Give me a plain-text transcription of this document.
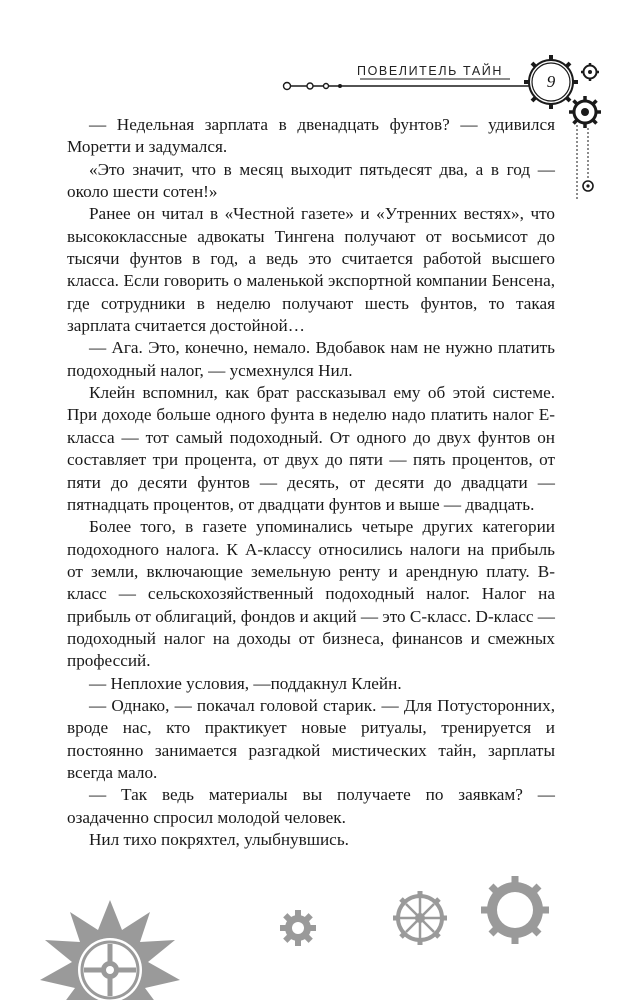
ПОВЕЛИТЕЛЬ ТАЙН
9

— Недельная зарплата в двенадцать фунтов? — удивился Моретти и задумался.

«Это значит, что в месяц выходит пятьдесят два, а в год — около шести сотен!»

Ранее он читал в «Честной газете» и «Утренних вестях», что высококлассные адвокаты Тингена получают от восьмисот до тысячи фунтов в год, а ведь это считается работой высшего класса. Если говорить о маленькой экспортной компании Бенсена, где сотрудники в неделю получают шесть фунтов, то такая зарплата считается достойной…

— Ага. Это, конечно, немало. Вдобавок нам не нужно платить подоходный налог, — усмехнулся Нил.

Клейн вспомнил, как брат рассказывал ему об этой системе. При доходе больше одного фунта в неделю надо платить налог Е-класса — тот самый подоходный. От одного до двух фунтов он составляет три процента, от двух до пяти — пять процентов, от пяти до десяти фунтов — десять, от десяти до двадцати — пятнадцать процентов, от двадцати фунтов и выше — двадцать.

Более того, в газете упоминались четыре других категории подоходного налога. К А-классу относились налоги на прибыль от земли, включающие земельную ренту и арендную плату. В-класс — сельскохозяйственный подоходный налог. Налог на прибыль от облигаций, фондов и акций — это С-класс. D-класс — подоходный налог на доходы от бизнеса, финансов и смежных профессий.

— Неплохие условия, —поддакнул Клейн.

— Однако, — покачал головой старик. — Для Потусторонних, вроде нас, кто практикует новые ритуалы, тренируется и постоянно занимается разгадкой мистических тайн, зарплаты всегда мало.

— Так ведь материалы вы получаете по заявкам? — озадаченно спросил молодой человек.

Нил тихо покряхтел, улыбнувшись.
